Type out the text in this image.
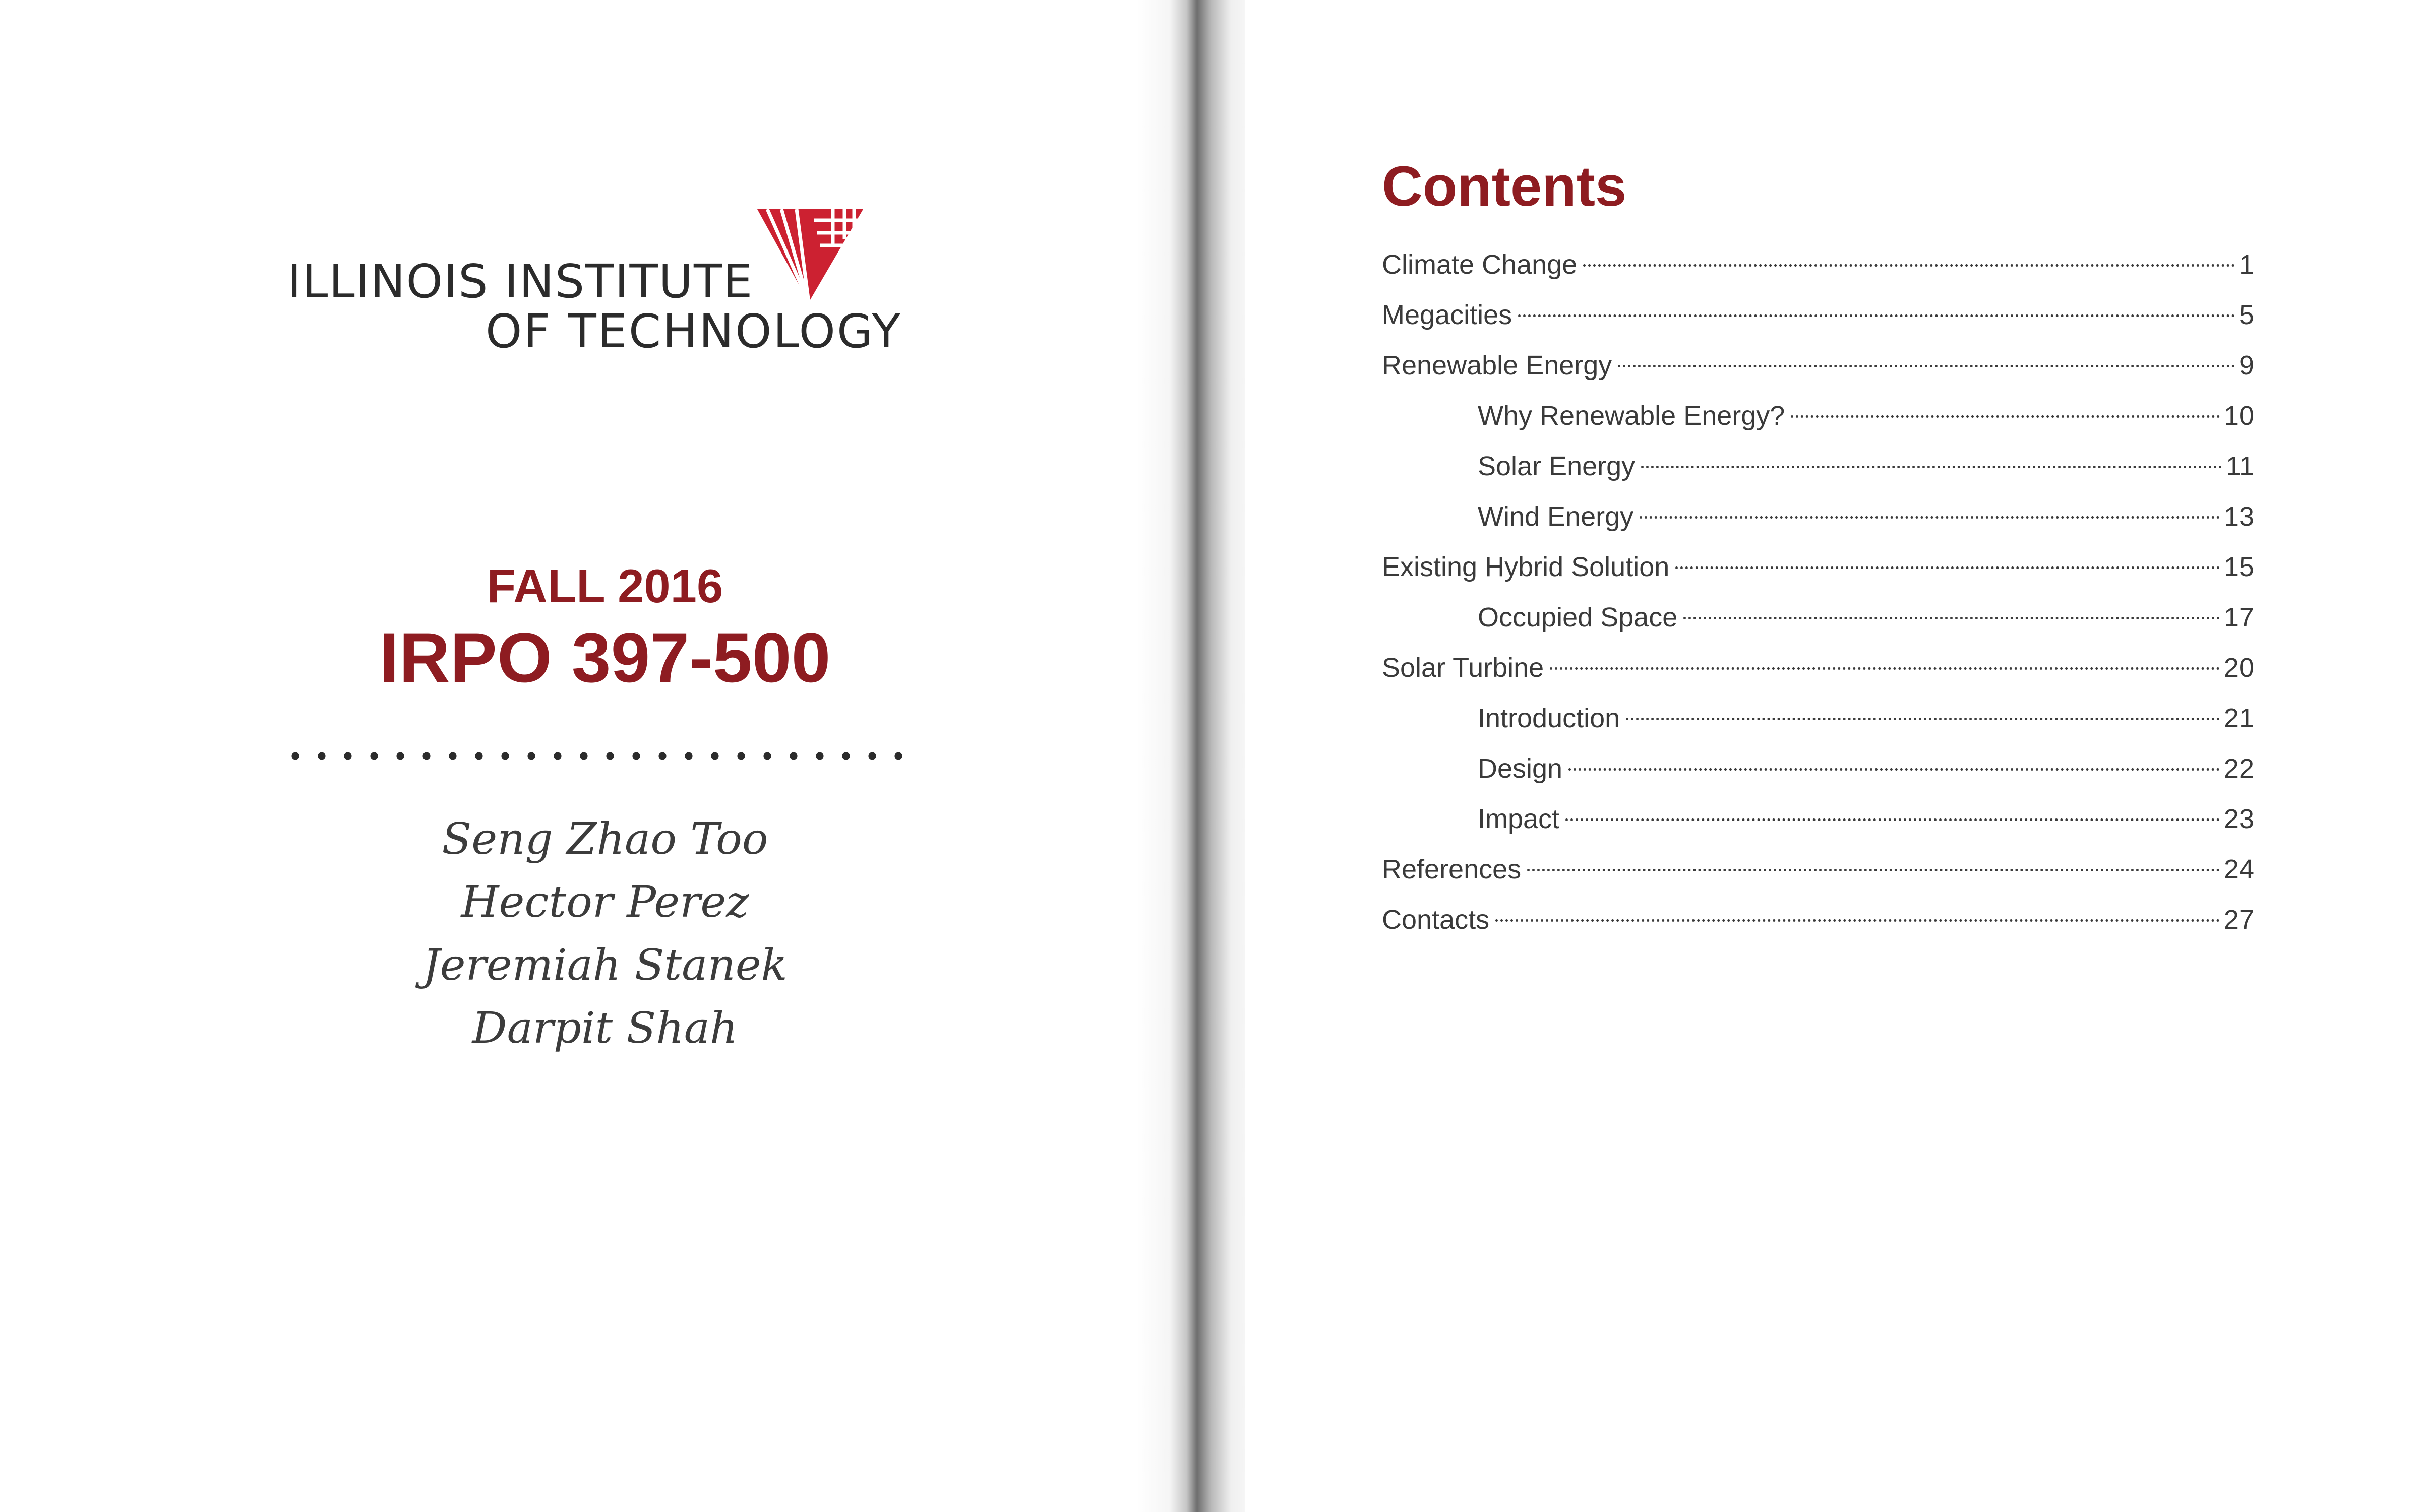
ILLINOIS INSTITUTE
OF TECHNOLOGY
FALL 2016
IRPO 397-500
Seng Zhao Too
Hector Perez
Jeremiah Stanek
Darpit Shah
Contents
Climate Change	1
Megacities	5
Renewable Energy	9
Why Renewable Energy?	10
Solar Energy	11
Wind Energy	13
Existing Hybrid Solution	15
Occupied Space	17
Solar Turbine	20
Introduction	21
Design	22
Impact	23
References	24
Contacts	27
